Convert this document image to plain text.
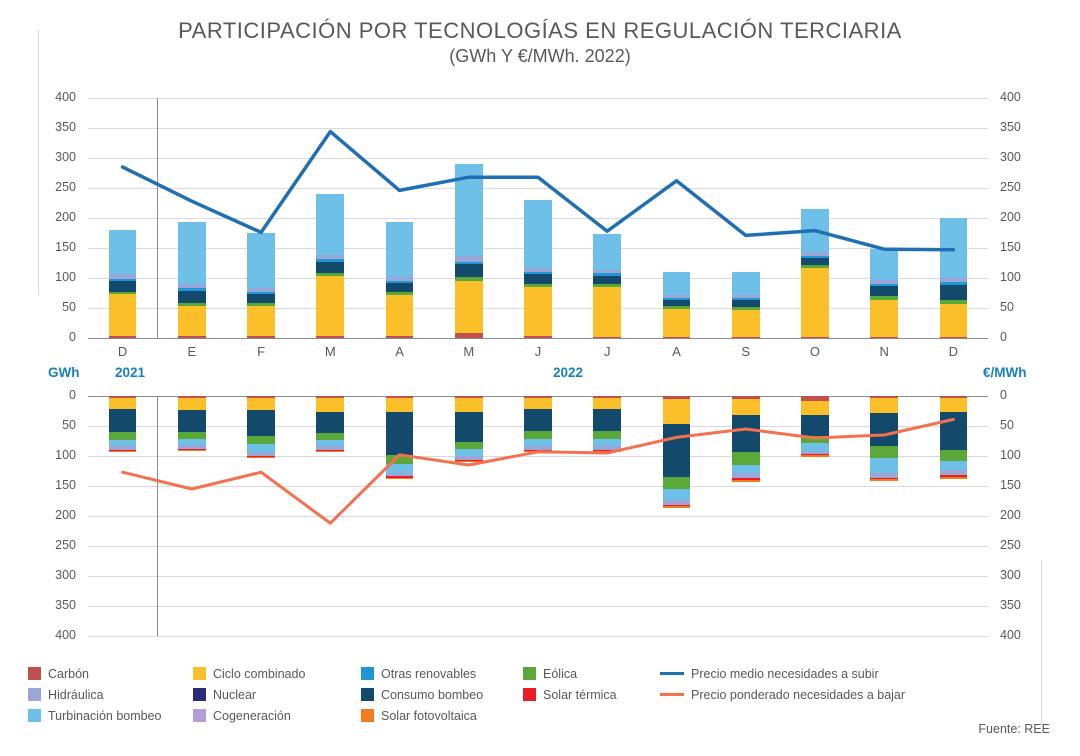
PARTICIPACIÓN POR TECNOLOGÍAS EN REGULACIÓN TERCIARIA
(GWh Y €/MWh. 2022)
0	0
50	50
100	100
150	150
200	200
250	250
300	300
350	350
400	400
D	E	F	M	A	M	J	J	A	S	O	N	D
GWh	€/MWh
2021	2022
0	0
50	50
100	100
150	150
200	200
250	250
300	300
350	350
400	400
Carbón
Hidráulica
Turbinación bombeo
Ciclo combinado
Nuclear
Cogeneración
Otras renovables
Consumo bombeo
Solar fotovoltaica
Eólica
Solar térmica
Precio medio necesidades a subir
Precio ponderado necesidades a bajar
Fuente: REE
